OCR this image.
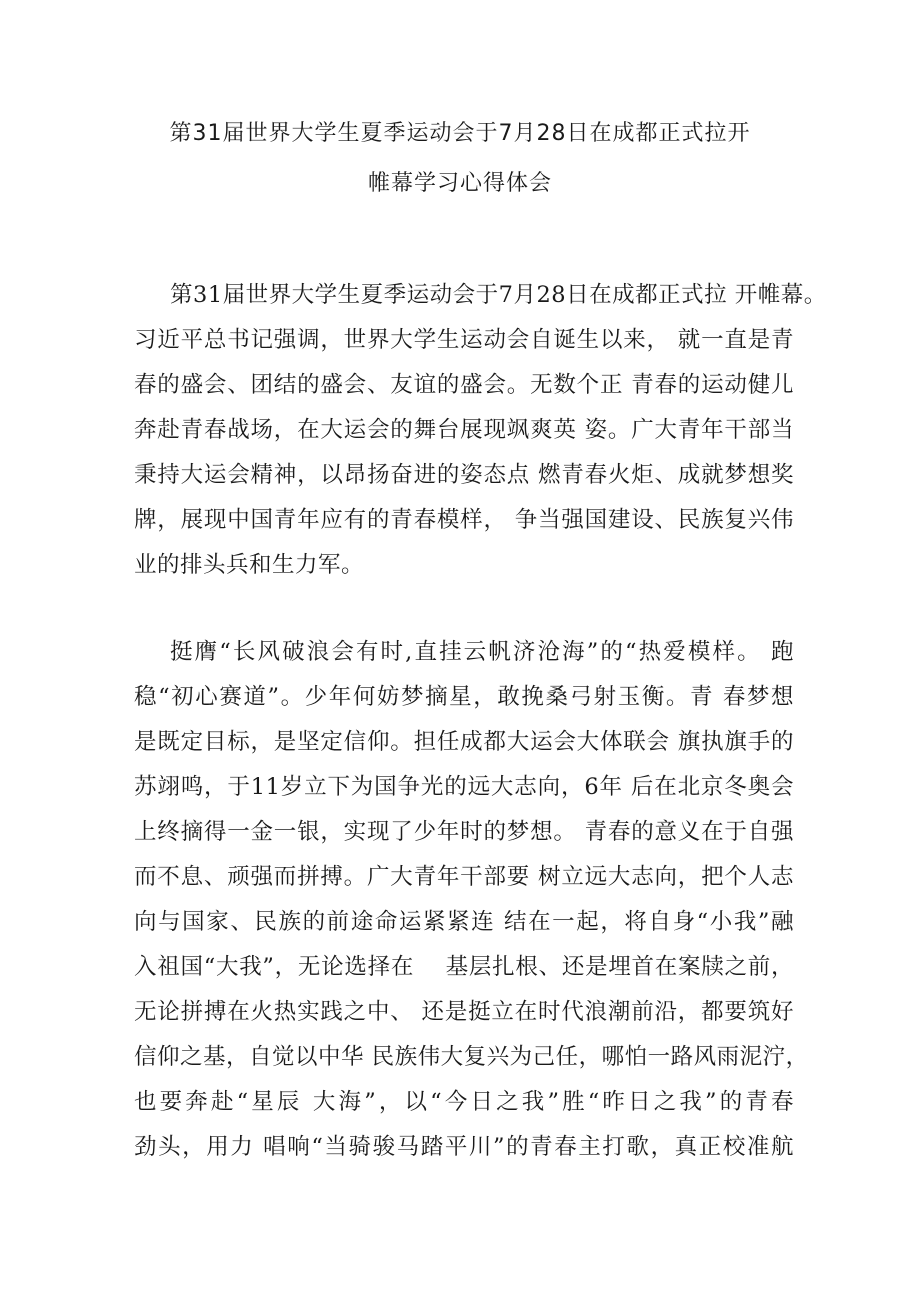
第31届世界大学生夏季运动会于7月28日在成都正式拉开
帷幕学习心得体会
第31届世界大学生夏季运动会于7月28日在成都正式拉 开帷幕。
习近平总书记强调，世界大学生运动会自诞生以来， 就一直是青
春的盛会、团结的盛会、友谊的盛会。无数个正 青春的运动健儿
奔赴青春战场，在大运会的舞台展现飒爽英 姿。广大青年干部当
秉持大运会精神，以昂扬奋进的姿态点 燃青春火炬、成就梦想奖
牌，展现中国青年应有的青春模样， 争当强国建设、民族复兴伟
业的排头兵和生力军。
挺膺“长风破浪会有时,直挂云帆济沧海”的“热爱模样。 跑
稳“初心赛道”。少年何妨梦摘星，敢挽桑弓射玉衡。青 春梦想
是既定目标，是坚定信仰。担任成都大运会大体联会 旗执旗手的
苏翊鸣，于11岁立下为国争光的远大志向，6年 后在北京冬奥会
上终摘得一金一银，实现了少年时的梦想。 青春的意义在于自强
而不息、顽强而拼搏。广大青年干部要 树立远大志向，把个人志
向与国家、民族的前途命运紧紧连 结在一起，将自身“小我”融
入祖国“大我”，无论选择在    基层扎根、还是埋首在案牍之前，
无论拼搏在火热实践之中、 还是挺立在时代浪潮前沿，都要筑好
信仰之基，自觉以中华 民族伟大复兴为己任，哪怕一路风雨泥泞，
也要奔赴“星辰 大海”，以“今日之我”胜“昨日之我”的青春
劲头，用力 唱响“当骑骏马踏平川”的青春主打歌，真正校准航
